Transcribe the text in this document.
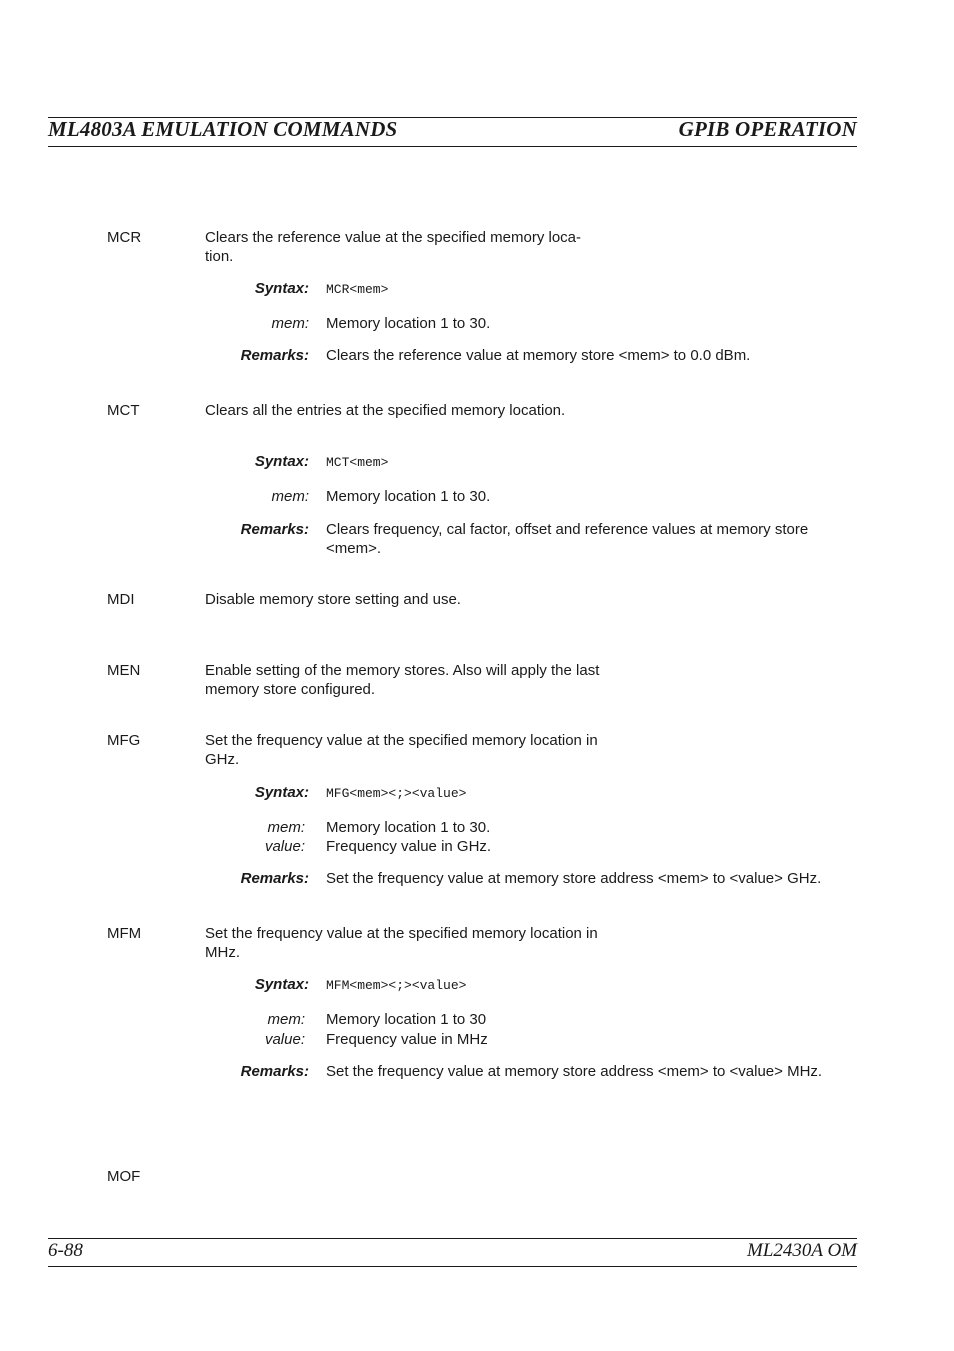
ML4803A EMULATION COMMANDS	GPIB OPERATION
MCR	Clears the reference value at the specified memory loca-
tion.
Syntax: MCR<mem>
mem: Memory location 1 to 30.
Remarks: Clears the reference value at memory store <mem> to 0.0 dBm.
MCT	Clears all the entries at the specified memory location.
Syntax: MCT<mem>
mem: Memory location 1 to 30.
Remarks: Clears frequency, cal factor, offset and reference values at memory store
<mem>.
MDI	Disable memory store setting and use.
MEN	Enable setting of the memory stores. Also will apply the last
memory store configured.
MFG	Set the frequency value at the specified memory location in
GHz.
Syntax: MFG<mem><;><value>
mem: Memory location 1 to 30.
value: Frequency value in GHz.
Remarks: Set the frequency value at memory store address <mem> to <value> GHz.
MFM	Set the frequency value at the specified memory location in
MHz.
Syntax: MFM<mem><;><value>
mem: Memory location 1 to 30
value: Frequency value in MHz
Remarks: Set the frequency value at memory store address <mem> to <value> MHz.
MOF
6-88	ML2430A OM
